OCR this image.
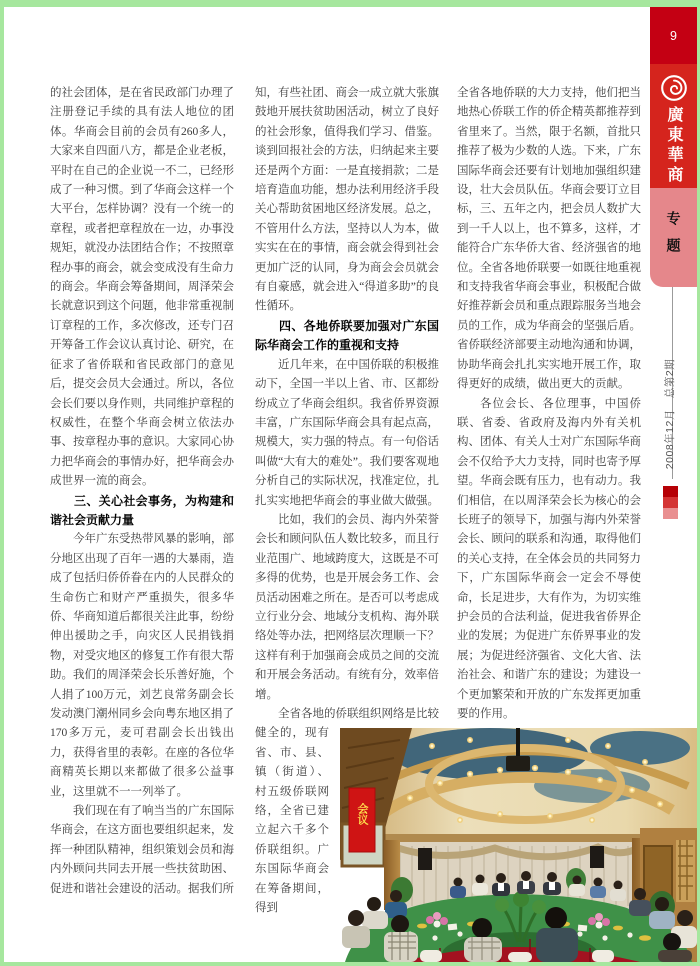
的社会团体，是在省民政部门办理了注册登记手续的具有法人地位的团体。华商会目前的会员有260多人，大家来自四面八方，都是企业老板，平时在自己的企业说一不二，已经形成了一种习惯。到了华商会这样一个大平台，怎样协调？没有一个统一的章程，或者把章程放在一边，办事没规矩，就没办法团结合作；不按照章程办事的商会，就会变成没有生命力的商会。华商会筹备期间，周泽荣会长就意识到这个问题，他非常重视制订章程的工作，多次修改，还专门召开筹备工作会议认真讨论、研究，在征求了省侨联和省民政部门的意见后，提交会员大会通过。所以，各位会长们要以身作则，共同维护章程的权威性，在整个华商会树立依法办事、按章程办事的意识。大家同心协力把华商会的事情办好，把华商会办成世界一流的商会。

三、关心社会事务，为构建和谐社会贡献力量

今年广东受热带风暴的影响，部分地区出现了百年一遇的大暴雨，造成了包括归侨侨眷在内的人民群众的生命伤亡和财产严重损失，很多华侨、华商知道后都很关注此事，纷纷伸出援助之手，向灾区人民捐钱捐物，对受灾地区的修复工作有很大帮助。我们的周泽荣会长乐善好施，个人捐了100万元，刘艺良常务副会长发动澳门潮州同乡会向粤东地区捐了170多万元，麦可君副会长出钱出力，获得省里的表彰。在座的各位华商精英长期以来都做了很多公益事业，这里就不一一列举了。

我们现在有了响当当的广东国际华商会，在这方面也要组织起来，发挥一种团队精神，组织策划会员和海内外顾问共同去开展一些扶贫助困、促进和谐社会建设的活动。据我们所

知，有些社团、商会一成立就大张旗鼓地开展扶贫助困活动，树立了良好的社会形象，值得我们学习、借鉴。谈到回报社会的方法，归纳起来主要还是两个方面：一是直接捐款；二是培育造血功能，想办法利用经济手段关心帮助贫困地区经济发展。总之，不管用什么方法，坚持以人为本，做实实在在的事情，商会就会得到社会更加广泛的认同，身为商会会员就会有自豪感，就会进入“得道多助”的良性循环。

四、各地侨联要加强对广东国际华商会工作的重视和支持

近几年来，在中国侨联的积极推动下，全国一半以上省、市、区都纷纷成立了华商会组织。我省侨界资源丰富，广东国际华商会具有起点高，规模大，实力强的特点。有一句俗话叫做“大有大的难处”。我们要客观地分析自己的实际状况，找准定位，扎扎实实地把华商会的事业做大做强。

比如，我们的会员、海内外荣誉会长和顾问队伍人数比较多，而且行业范围广、地域跨度大，这既是不可多得的优势，也是开展会务工作、会员活动困难之所在。是否可以考虑成立行业分会、地域分支机构、海外联络处等办法，把网络层次理顺一下？这样有利于加强商会成员之间的交流和开展会务活动。有统有分，效率倍增。

全省各地的侨联组织网络是比较

健全的，现有省、市、县、镇（街道）、村五级侨联网络，全省已建立起六千多个侨联组织。广东国际华商会在筹备期间，得到

全省各地侨联的大力支持，他们把当地热心侨联工作的侨企精英都推荐到省里来了。当然，限于名额，首批只推荐了极为少数的人选。下来，广东国际华商会还要有计划地加强组织建设，壮大会员队伍。华商会要订立目标，三、五年之内，把会员人数扩大到一千人以上，也不算多，这样，才能符合广东华侨大省、经济强省的地位。全省各地侨联要一如既往地重视和支持我省华商会事业，积极配合做好推荐新会员和重点跟踪服务当地会员的工作，成为华商会的坚强后盾。省侨联经济部要主动地沟通和协调，协助华商会扎扎实实地开展工作，取得更好的成绩，做出更大的贡献。

各位会长、各位理事，中国侨联、省委、省政府及海内外有关机构、团体、有关人士对广东国际华商会不仅给予大力支持，同时也寄予厚望。华商会既有压力，也有动力。我们相信，在以周泽荣会长为核心的会长班子的领导下，加强与海内外荣誉会长、顾问的联系和沟通，取得他们的关心支持，在全体会员的共同努力下，广东国际华商会一定会不辱使命，长足进步，大有作为，为切实维护会员的合法利益，促进我省侨界企业的发展；为促进广东侨界事业的发展；为促进经济强省、文化大省、法治社会、和谐广东的建设；为建设一个更加繁荣和开放的广东发挥更加重要的作用。

会议
9
廣東華商
专题
2008年12月　总第2期
